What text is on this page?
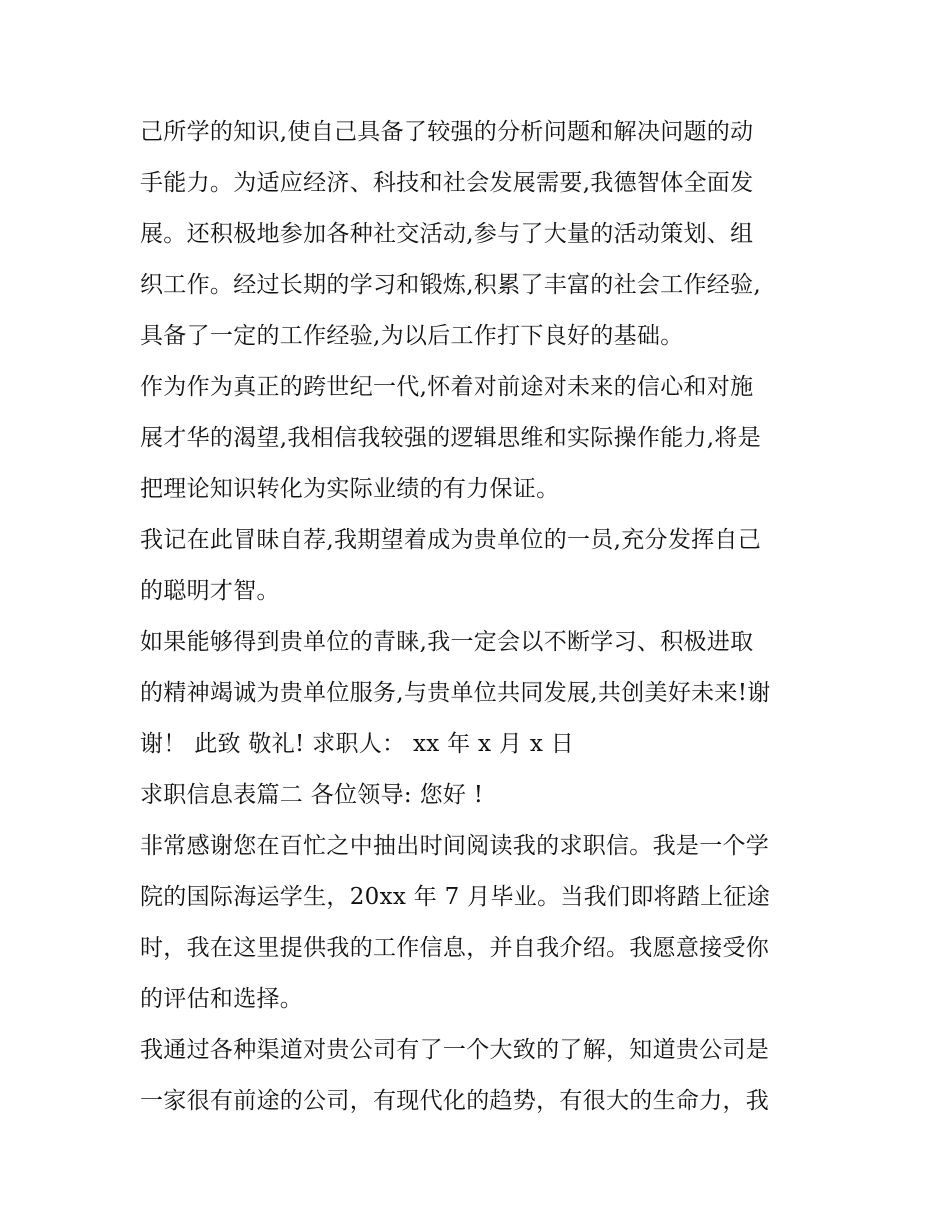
己所学的知识,使自己具备了较强的分析问题和解决问题的动
手能力。为适应经济、科技和社会发展需要,我德智体全面发
展。还积极地参加各种社交活动,参与了大量的活动策划、组
织工作。经过长期的学习和锻炼,积累了丰富的社会工作经验,
具备了一定的工作经验,为以后工作打下良好的基础。
作为作为真正的跨世纪一代,怀着对前途对未来的信心和对施
展才华的渴望,我相信我较强的逻辑思维和实际操作能力,将是
把理论知识转化为实际业绩的有力保证。
我记在此冒昧自荐,我期望着成为贵单位的一员,充分发挥自己
的聪明才智。
如果能够得到贵单位的青睐,我一定会以不断学习、积极进取
的精神竭诚为贵单位服务,与贵单位共同发展,共创美好未来!谢
谢！ 此致 敬礼! 求职人： xx 年 x 月 x 日
求职信息表篇二 各位领导: 您好 !
非常感谢您在百忙之中抽出时间阅读我的求职信。我是一个学
院的国际海运学生，20xx 年 7 月毕业。当我们即将踏上征途
时，我在这里提供我的工作信息，并自我介绍。我愿意接受你
的评估和选择。
我通过各种渠道对贵公司有了一个大致的了解，知道贵公司是
一家很有前途的公司，有现代化的趋势，有很大的生命力，我
